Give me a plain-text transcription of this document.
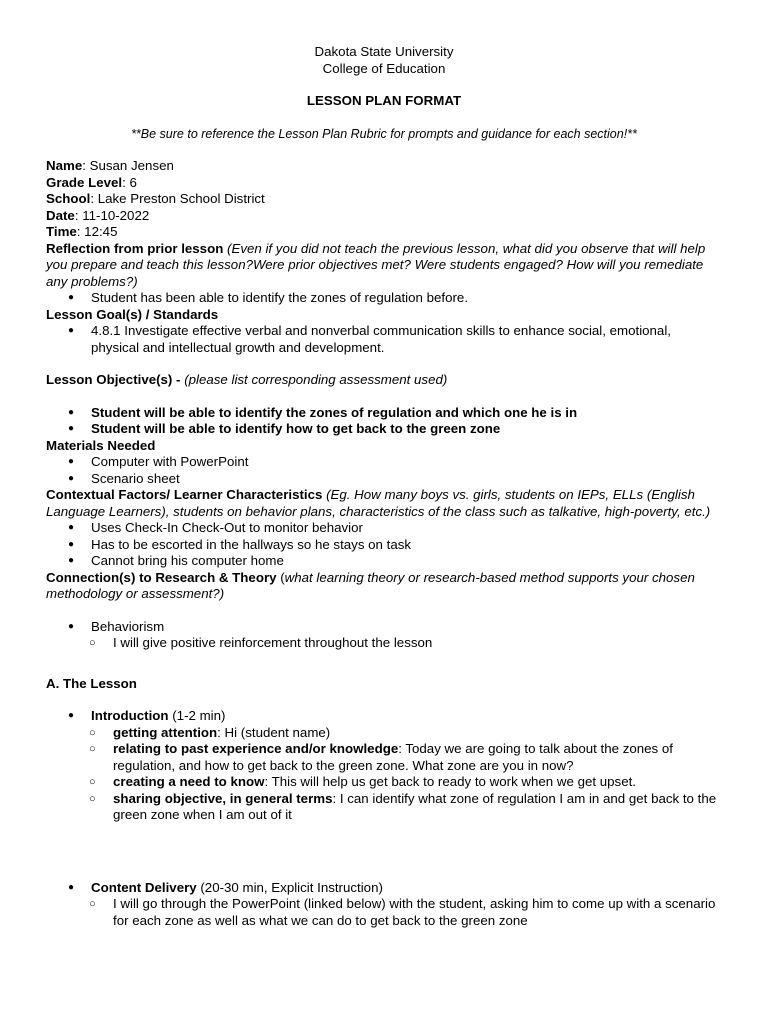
Dakota State University
College of Education
LESSON PLAN FORMAT
**Be sure to reference the Lesson Plan Rubric for prompts and guidance for each section!**
Name: Susan Jensen
Grade Level: 6
School: Lake Preston School District
Date: 11-10-2022
Time: 12:45
Reflection from prior lesson (Even if you did not teach the previous lesson, what did you observe that will help you prepare and teach this lesson?Were prior objectives met? Were students engaged? How will you remediate any problems?)
● Student has been able to identify the zones of regulation before.
Lesson Goal(s) / Standards
● 4.8.1 Investigate effective verbal and nonverbal communication skills to enhance social, emotional, physical and intellectual growth and development.
Lesson Objective(s) - (please list corresponding assessment used)
● Student will be able to identify the zones of regulation and which one he is in
● Student will be able to identify how to get back to the green zone
Materials Needed
● Computer with PowerPoint
● Scenario sheet
Contextual Factors/ Learner Characteristics (Eg. How many boys vs. girls, students on IEPs, ELLs (English Language Learners), students on behavior plans, characteristics of the class such as talkative, high-poverty, etc.)
● Uses Check-In Check-Out to monitor behavior
● Has to be escorted in the hallways so he stays on task
● Cannot bring his computer home
Connection(s) to Research & Theory (what learning theory or research-based method supports your chosen methodology or assessment?)
● Behaviorism
○ I will give positive reinforcement throughout the lesson
A. The Lesson
● Introduction (1-2 min)
○ getting attention: Hi (student name)
○ relating to past experience and/or knowledge: Today we are going to talk about the zones of regulation, and how to get back to the green zone. What zone are you in now?
○ creating a need to know: This will help us get back to ready to work when we get upset.
○ sharing objective, in general terms: I can identify what zone of regulation I am in and get back to the green zone when I am out of it
● Content Delivery (20-30 min, Explicit Instruction)
○ I will go through the PowerPoint (linked below) with the student, asking him to come up with a scenario for each zone as well as what we can do to get back to the green zone
